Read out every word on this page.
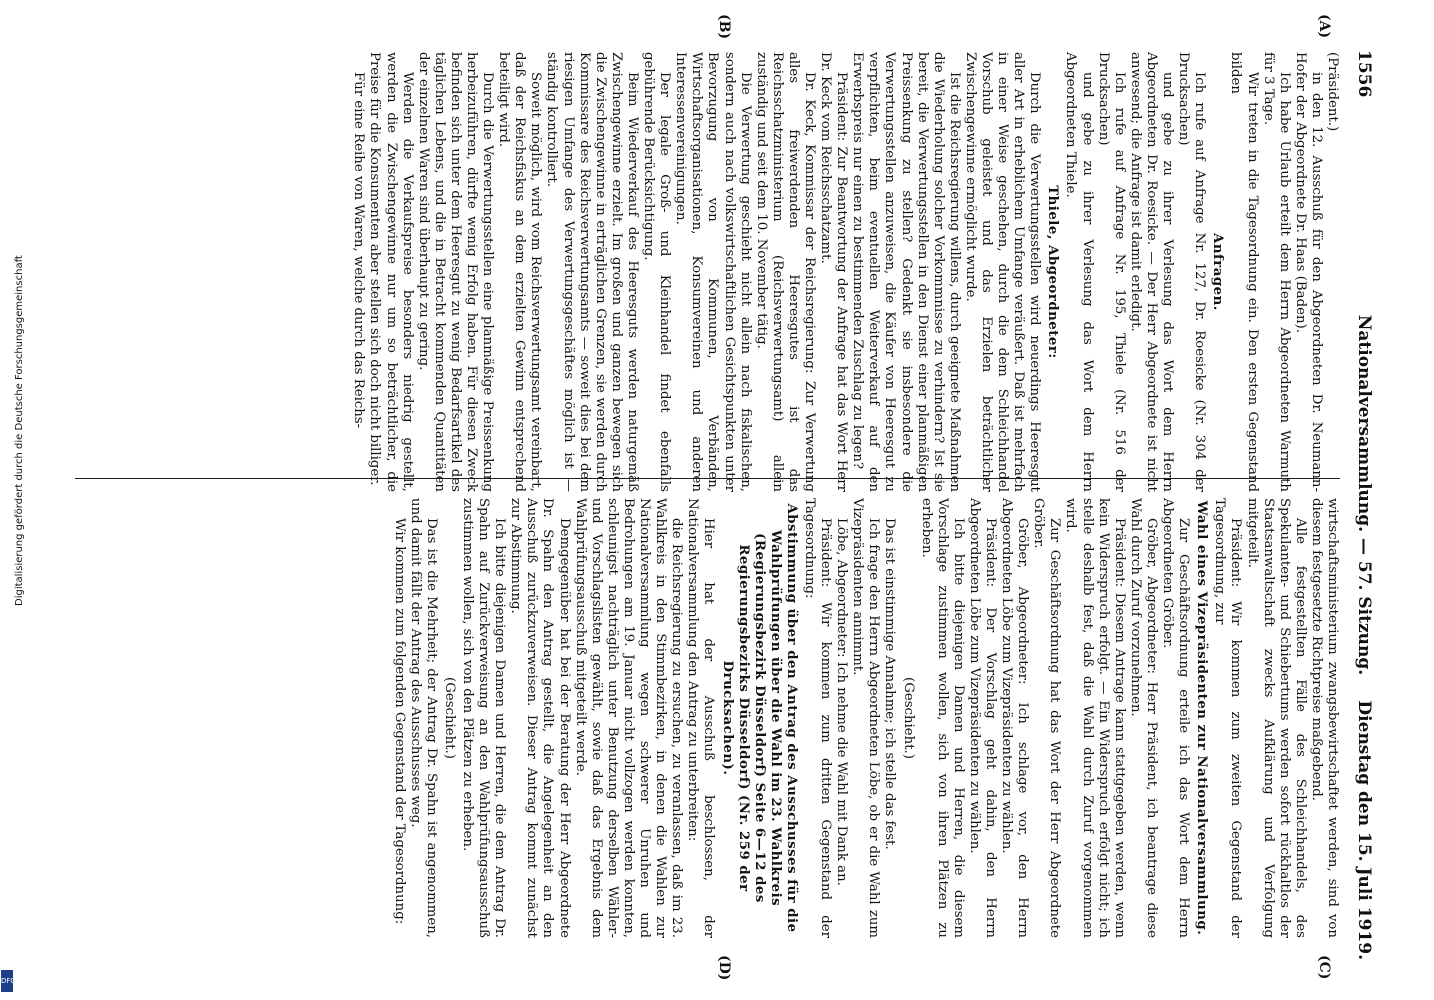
1556
Nationalversammlung. — 57. Sitzung.
Dienstag den 15. Juli 1919.
(A)
(B)
(C)
(D)

(Präsident.)

in den 12. Ausschuß für den Abgeordneten Dr. Neumann-Hofer der Abgeordnete Dr. Haas (Baden).

Ich habe Urlaub erteilt dem Herrn Abgeordneten Warmuth für 3 Tage.

Wir treten in die Tagesordnung ein. Den ersten Gegenstand bilden

Anfragen.

Ich rufe auf Anfrage Nr. 127, Dr. Roesicke (Nr. 304 der Drucksachen)

und gebe zu ihrer Verlesung das Wort dem Herrn Abgeordneten Dr. Roesicke. — Der Herr Abgeordnete ist nicht anwesend; die Anfrage ist damit erledigt.

Ich rufe auf Anfrage Nr. 195, Thiele (Nr. 516 der Drucksachen)

und gebe zu ihrer Verlesung das Wort dem Herrn Abgeordneten Thiele.

Thiele, Abgeordneter:

Durch die Verwertungsstellen wird neuerdings Heeresgut aller Art in erheblichem Umfange veräußert. Daß ist mehrfach in einer Weise geschehen, durch die dem Schleichhandel Vorschub geleistet und das Erzielen beträchtlicher Zwischengewinne ermöglicht wurde.

Ist die Reichsregierung willens, durch geeignete Maßnahmen die Wiederholung solcher Vorkommnisse zu verhindern? Ist sie bereit, die Verwertungsstellen in den Dienst einer planmäßigen Preissenkung zu stellen? Gedenkt sie insbesondere die Verwertungsstellen anzuweisen, die Käufer von Heeresgut zu verpflichten, beim eventuellen Weiterverkauf auf den Erwerbspreis nur einen zu bestimmenden Zuschlag zu legen?

Präsident: Zur Beantwortung der Anfrage hat das Wort Herr Dr. Keck vom Reichsschatzamt.

Dr. Keck, Kommissar der Reichsregierung: Zur Verwertung alles freiwerdenden Heeresgutes ist das Reichsschatzministerium (Reichsverwertungsamt) allein zuständig und seit dem 10. November tätig.

Die Verwertung geschieht nicht allein nach fiskalischen, sondern auch nach volkswirtschaftlichen Gesichtspunkten unter Bevorzugung von Kommunen, Verbänden, Wirtschaftsorganisationen, Konsumvereinen und anderen Interessenvereinigungen.

Der legale Groß- und Kleinhandel findet ebenfalls gebührende Berücksichtigung.

Beim Wiederverkauf des Heeresguts werden naturgemäß Zwischengewinne erzielt. Im großen und ganzen bewegen sich die Zwischengewinne in erträglichen Grenzen, sie werden durch Kommissare des Reichsverwertungsamts — soweit dies bei dem riesigen Umfange des Verwertungsgeschäftes möglich ist — ständig kontrolliert.

Soweit möglich, wird vom Reichsverwertungsamt vereinbart, daß der Reichsfiskus an dem erzielten Gewinn entsprechend beteiligt wird.

Durch die Verwertungsstellen eine planmäßige Preissenkung herbeizuführen, dürfte wenig Erfolg haben. Für diesen Zweck befinden sich unter dem Heeresgut zu wenig Bedarfsartikel des täglichen Lebens, und die in Betracht kommenden Quantitäten der einzelnen Waren sind überhaupt zu gering.

Werden die Verkaufspreise besonders niedrig gestellt, werden die Zwischengewinne nur um so beträchtlicher, die Preise für die Konsumenten aber stellen sich doch nicht billiger.

Für eine Reihe von Waren, welche durch das Reichs-

wirtschaftsministerium zwangsbewirtschaftet werden, sind von diesem festgesetzte Richtpreise maßgebend.

Alle festgestellten Fälle des Schleichhandels, des Spekulanten- und Schiebertums werden sofort rückhaltlos der Staatsanwaltschaft zwecks Aufklärung und Verfolgung mitgeteilt.

Präsident: Wir kommen zum zweiten Gegenstand der Tagesordnung, zur

Wahl eines Vizepräsidenten zur Nationalversammlung.

Zur Geschäftsordnung erteile ich das Wort dem Herrn Abgeordneten Gröber.

Gröber, Abgeordneter: Herr Präsident, ich beantrage diese Wahl durch Zuruf vorzunehmen.

Präsident: Diesem Antrage kann stattgegeben werden, wenn kein Widerspruch erfolgt. — Ein Widerspruch erfolgt nicht; ich stelle deshalb fest, daß die Wahl durch Zuruf vorgenommen wird.

Zur Geschäftsordnung hat das Wort der Herr Abgeordnete Gröber.

Gröber, Abgeordneter: Ich schlage vor, den Herrn Abgeordneten Löbe zum Vizepräsidenten zu wählen.

Präsident: Der Vorschlag geht dahin, den Herrn Abgeordneten Löbe zum Vizepräsidenten zu wählen.

Ich bitte diejenigen Damen und Herren, die diesem Vorschlage zustimmen wollen, sich von ihren Plätzen zu erheben.

(Geschieht.)

Das ist einstimmige Annahme; ich stelle das fest.

Ich frage den Herrn Abgeordneten Löbe, ob er die Wahl zum Vizepräsidenten annimmt.

Löbe, Abgeordneter: Ich nehme die Wahl mit Dank an.

Präsident: Wir kommen zum dritten Gegenstand der Tagesordnung:

Abstimmung über den Antrag des Ausschusses für die Wahlprüfungen über die Wahl im 23. Wahlkreis (Regierungsbezirk Düsseldorf) Seite 6—12 des Regierungsbezirks Düsseldorf) (Nr. 259 der Drucksachen).

Hier hat der Ausschuß beschlossen, der Nationalversammlung den Antrag zu unterbreiten:

die Reichsregierung zu ersuchen, zu veranlassen, daß im 23. Wahlkreis in den Stimmbezirken, in denen die Wahlen zur Nationalversammlung wegen schwerer Unruhen und Bedrohungen am 19. Januar nicht vollzogen werden konnten, schleunigst nachträglich unter Benutzung derselben Wähler- und Vorschlagslisten gewählt, sowie daß das Ergebnis dem Wahlprüfungsausschuß mitgeteilt werde.

Demgegenüber hat bei der Beratung der Herr Abgeordnete Dr. Spahn den Antrag gestellt, die Angelegenheit an den Ausschuß zurückzuverweisen. Dieser Antrag kommt zunächst zur Abstimmung.

Ich bitte diejenigen Damen und Herren, die dem Antrag Dr. Spahn auf Zurückverweisung an den Wahlprüfungsausschuß zustimmen wollen, sich von den Plätzen zu erheben.

(Geschieht.)

Das ist die Mehrheit; der Antrag Dr. Spahn ist angenommen, und damit fällt der Antrag des Ausschusses weg.

Wir kommen zum folgenden Gegenstand der Tagesordnung:

Digitalisierung gefördert durch die Deutsche Forschungsgemeinschaft
DFG
